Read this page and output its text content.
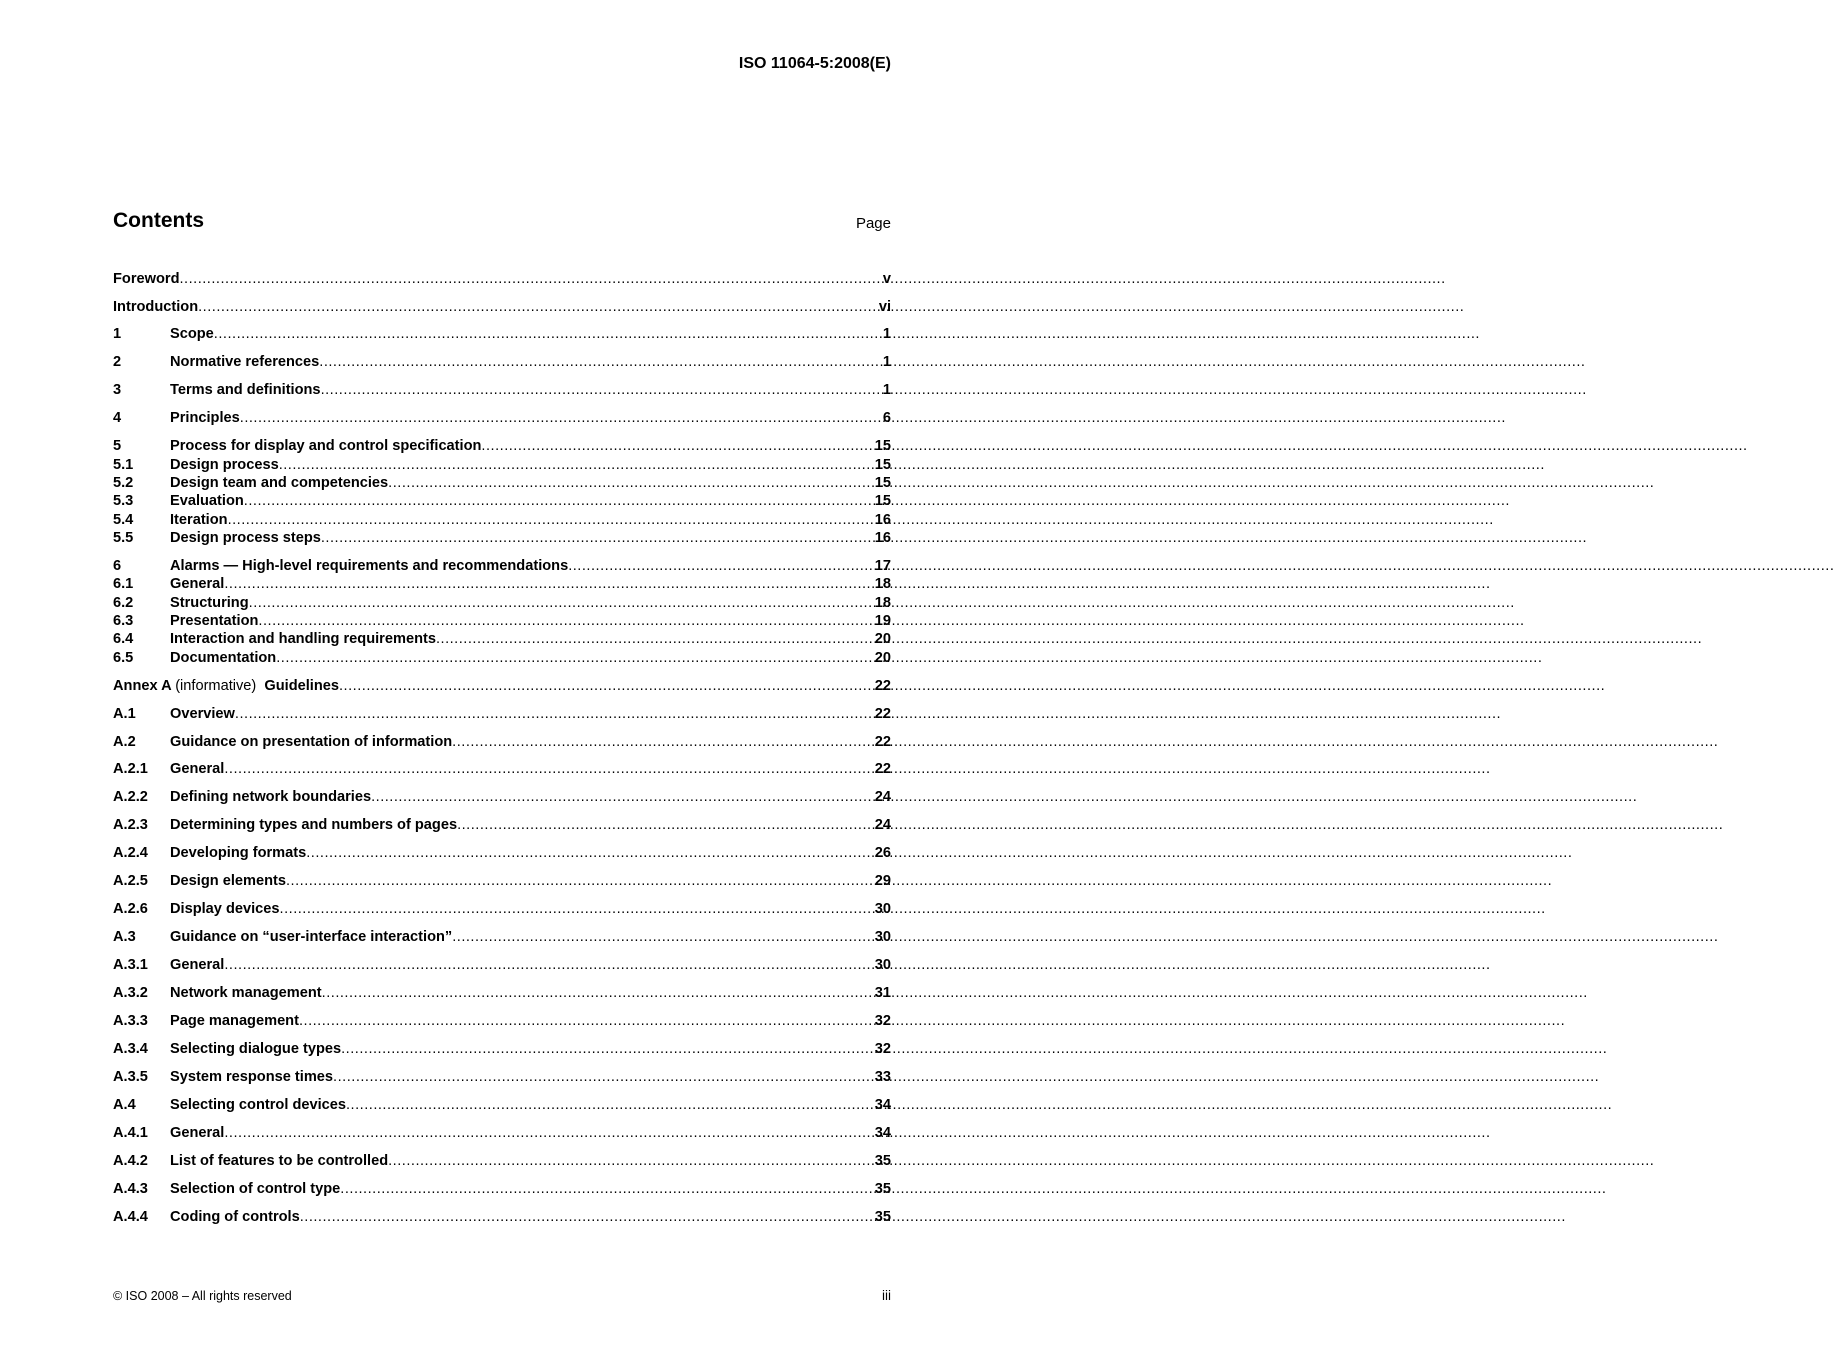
ISO 11064-5:2008(E)
Contents	Page
Foreword .....	v
Introduction .....	vi
1	Scope .....	1
2	Normative references .....	1
3	Terms and definitions .....	1
4	Principles .....	6
5	Process for display and control specification .....	15
5.1	Design process .....	15
5.2	Design team and competencies .....	15
5.3	Evaluation .....	15
5.4	Iteration .....	16
5.5	Design process steps .....	16
6	Alarms — High-level requirements and recommendations .....	17
6.1	General .....	18
6.2	Structuring .....	18
6.3	Presentation .....	19
6.4	Interaction and handling requirements .....	20
6.5	Documentation .....	20
Annex A (informative) Guidelines .....	22
A.1	Overview .....	22
A.2	Guidance on presentation of information .....	22
A.2.1	General .....	22
A.2.2	Defining network boundaries .....	24
A.2.3	Determining types and numbers of pages .....	24
A.2.4	Developing formats .....	26
A.2.5	Design elements .....	29
A.2.6	Display devices .....	30
A.3	Guidance on “user-interface interaction” .....	30
A.3.1	General .....	30
A.3.2	Network management .....	31
A.3.3	Page management .....	32
A.3.4	Selecting dialogue types .....	32
A.3.5	System response times .....	33
A.4	Selecting control devices .....	34
A.4.1	General .....	34
A.4.2	List of features to be controlled .....	35
A.4.3	Selection of control type .....	35
A.4.4	Coding of controls .....	35
© ISO 2008 – All rights reserved	iii
